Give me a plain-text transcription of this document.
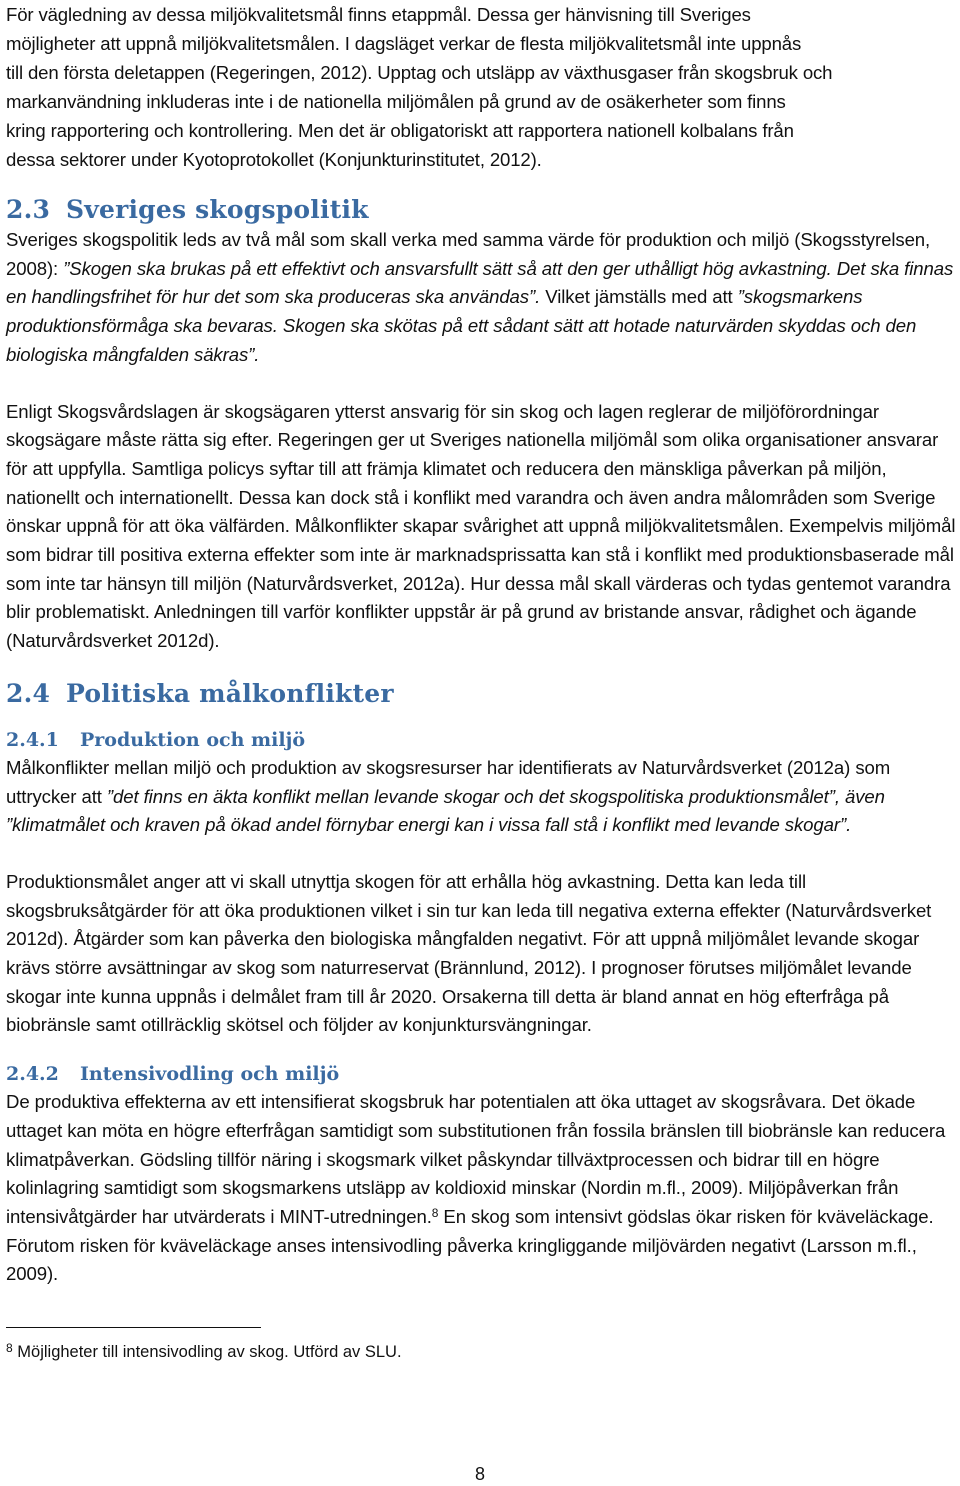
För vägledning av dessa miljökvalitetsmål finns etappmål. Dessa ger hänvisning till Sveriges
möjligheter att uppnå miljökvalitetsmålen. I dagsläget verkar de flesta miljökvalitetsmål inte uppnås
till den första deletappen (Regeringen, 2012). Upptag och utsläpp av växthusgaser från skogsbruk och
markanvändning inkluderas inte i de nationella miljömålen på grund av de osäkerheter som finns
kring rapportering och kontrollering. Men det är obligatoriskt att rapportera nationell kolbalans från
dessa sektorer under Kyotoprotokollet (Konjunkturinstitutet, 2012).
2.3 Sveriges skogspolitik

Sveriges skogspolitik leds av två mål som skall verka med samma värde för produktion och miljö (Skogsstyrelsen, 2008): ”Skogen ska brukas på ett effektivt och ansvarsfullt sätt så att den ger uthålligt hög avkastning. Det ska finnas en handlingsfrihet för hur det som ska produceras ska användas”. Vilket jämställs med att ”skogsmarkens produktionsförmåga ska bevaras. Skogen ska skötas på ett sådant sätt att hotade naturvärden skyddas och den biologiska mångfalden säkras”.

Enligt Skogsvårdslagen är skogsägaren ytterst ansvarig för sin skog och lagen reglerar de miljöförordningar skogsägare måste rätta sig efter. Regeringen ger ut Sveriges nationella miljömål som olika organisationer ansvarar för att uppfylla. Samtliga policys syftar till att främja klimatet och reducera den mänskliga påverkan på miljön, nationellt och internationellt. Dessa kan dock stå i konflikt med varandra och även andra målområden som Sverige önskar uppnå för att öka välfärden. Målkonflikter skapar svårighet att uppnå miljökvalitetsmålen. Exempelvis miljömål som bidrar till positiva externa effekter som inte är marknadsprissatta kan stå i konflikt med produktionsbaserade mål som inte tar hänsyn till miljön (Naturvårdsverket, 2012a). Hur dessa mål skall värderas och tydas gentemot varandra blir problematiskt. Anledningen till varför konflikter uppstår är på grund av bristande ansvar, rådighet och ägande (Naturvårdsverket 2012d).

2.4 Politiska målkonflikter
2.4.1 Produktion och miljö

Målkonflikter mellan miljö och produktion av skogsresurser har identifierats av Naturvårdsverket (2012a) som uttrycker att ”det finns en äkta konflikt mellan levande skogar och det skogspolitiska produktionsmålet”, även ”klimatmålet och kraven på ökad andel förnybar energi kan i vissa fall stå i konflikt med levande skogar”.

Produktionsmålet anger att vi skall utnyttja skogen för att erhålla hög avkastning. Detta kan leda till skogsbruksåtgärder för att öka produktionen vilket i sin tur kan leda till negativa externa effekter (Naturvårdsverket 2012d). Åtgärder som kan påverka den biologiska mångfalden negativt. För att uppnå miljömålet levande skogar krävs större avsättningar av skog som naturreservat (Brännlund, 2012). I prognoser förutses miljömålet levande skogar inte kunna uppnås i delmålet fram till år 2020. Orsakerna till detta är bland annat en hög efterfråga på biobränsle samt otillräcklig skötsel och följder av konjunktursvängningar.

2.4.2 Intensivodling och miljö

De produktiva effekterna av ett intensifierat skogsbruk har potentialen att öka uttaget av skogsråvara. Det ökade uttaget kan möta en högre efterfrågan samtidigt som substitutionen från fossila bränslen till biobränsle kan reducera klimatpåverkan. Gödsling tillför näring i skogsmark vilket påskyndar tillväxtprocessen och bidrar till en högre kolinlagring samtidigt som skogsmarkens utsläpp av koldioxid minskar (Nordin m.fl., 2009). Miljöpåverkan från intensivåtgärder har utvärderats i MINT-utredningen.$^8$ En skog som intensivt gödslas ökar risken för kväveläckage. Förutom risken för kväveläckage anses intensivodling påverka kringliggande miljövärden negativt (Larsson m.fl., 2009).

$^8$ Möjligheter till intensivodling av skog. Utförd av SLU.

8
